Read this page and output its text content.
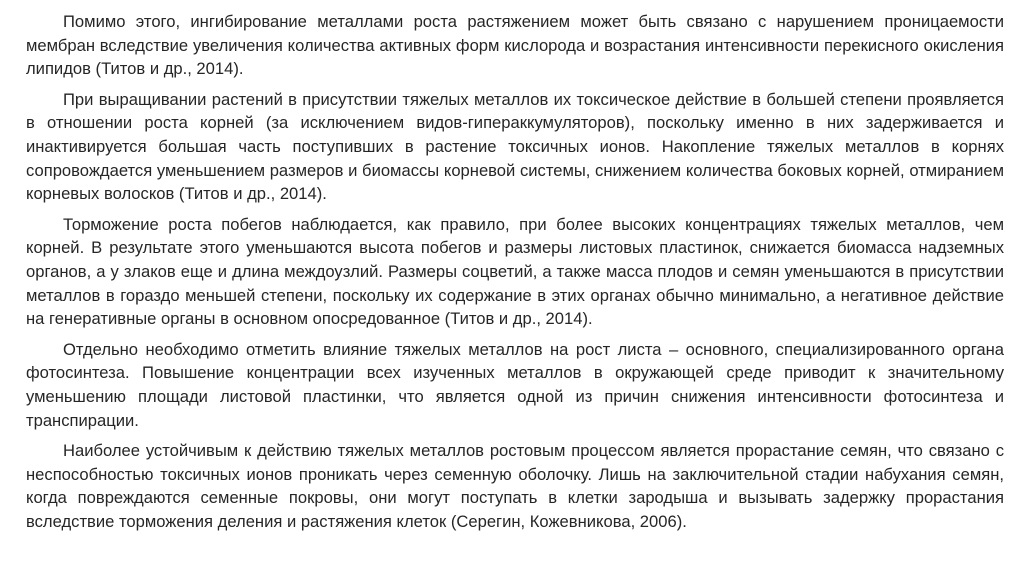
Помимо этого, ингибирование металлами роста растяжением может быть связано с нарушением проницаемости мембран вследствие увеличения количества активных форм кислорода и возрастания интенсивности перекисного окисления липидов (Титов и др., 2014).

При выращивании растений в присутствии тяжелых металлов их токсическое действие в большей степени проявляется в отношении роста корней (за исключением видов-гипераккумуляторов), поскольку именно в них задерживается и инактивируется большая часть поступивших в растение токсичных ионов. Накопление тяжелых металлов в корнях сопровождается уменьшением размеров и биомассы корневой системы, снижением количества боковых корней, отмиранием корневых волосков (Титов и др., 2014).

Торможение роста побегов наблюдается, как правило, при более высоких концентрациях тяжелых металлов, чем корней. В результате этого уменьшаются высота побегов и размеры листовых пластинок, снижается биомасса надземных органов, а у злаков еще и длина междоузлий. Размеры соцветий, а также масса плодов и семян уменьшаются в присутствии металлов в гораздо меньшей степени, поскольку их содержание в этих органах обычно минимально, а негативное действие на генеративные органы в основном опосредованное (Титов и др., 2014).

Отдельно необходимо отметить влияние тяжелых металлов на рост листа – основного, специализированного органа фотосинтеза. Повышение концентрации всех изученных металлов в окружающей среде приводит к значительному уменьшению площади листовой пластинки, что является одной из причин снижения интенсивности фотосинтеза и транспирации.

Наиболее устойчивым к действию тяжелых металлов ростовым процессом является прорастание семян, что связано с неспособностью токсичных ионов проникать через семенную оболочку. Лишь на заключительной стадии набухания семян, когда повреждаются семенные покровы, они могут поступать в клетки зародыша и вызывать задержку прорастания вследствие торможения деления и растяжения клеток (Серегин, Кожевникова, 2006).
